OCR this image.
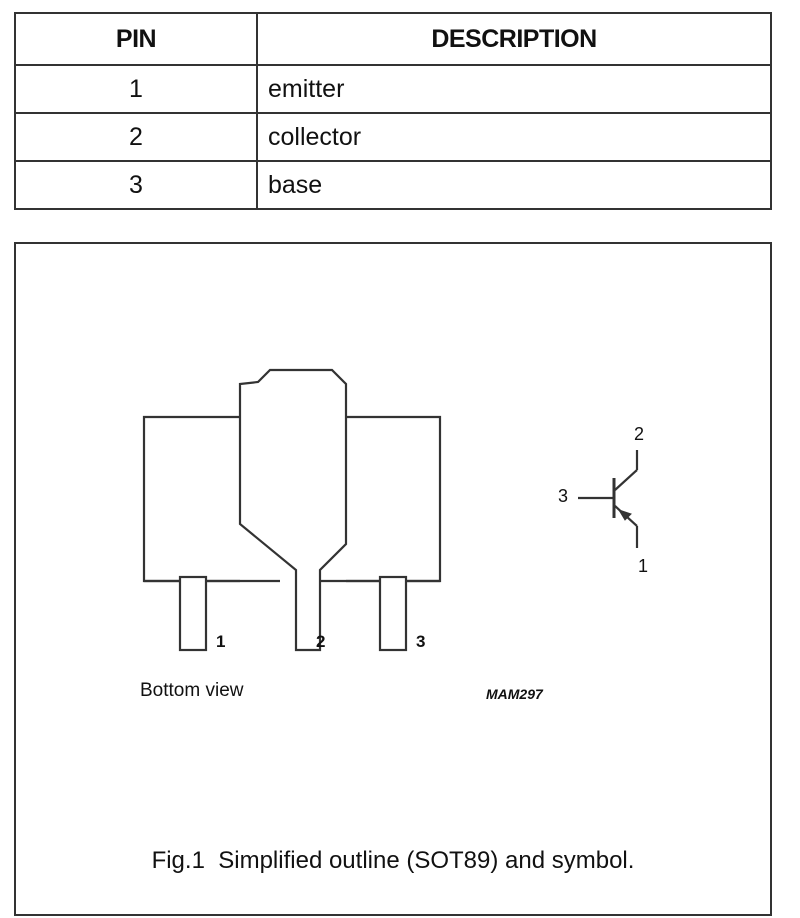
PIN	DESCRIPTION
1	emitter
2	collector
3	base
1	2	3
2
3
1
Bottom view	MAM297
Fig.1  Simplified outline (SOT89) and symbol.
